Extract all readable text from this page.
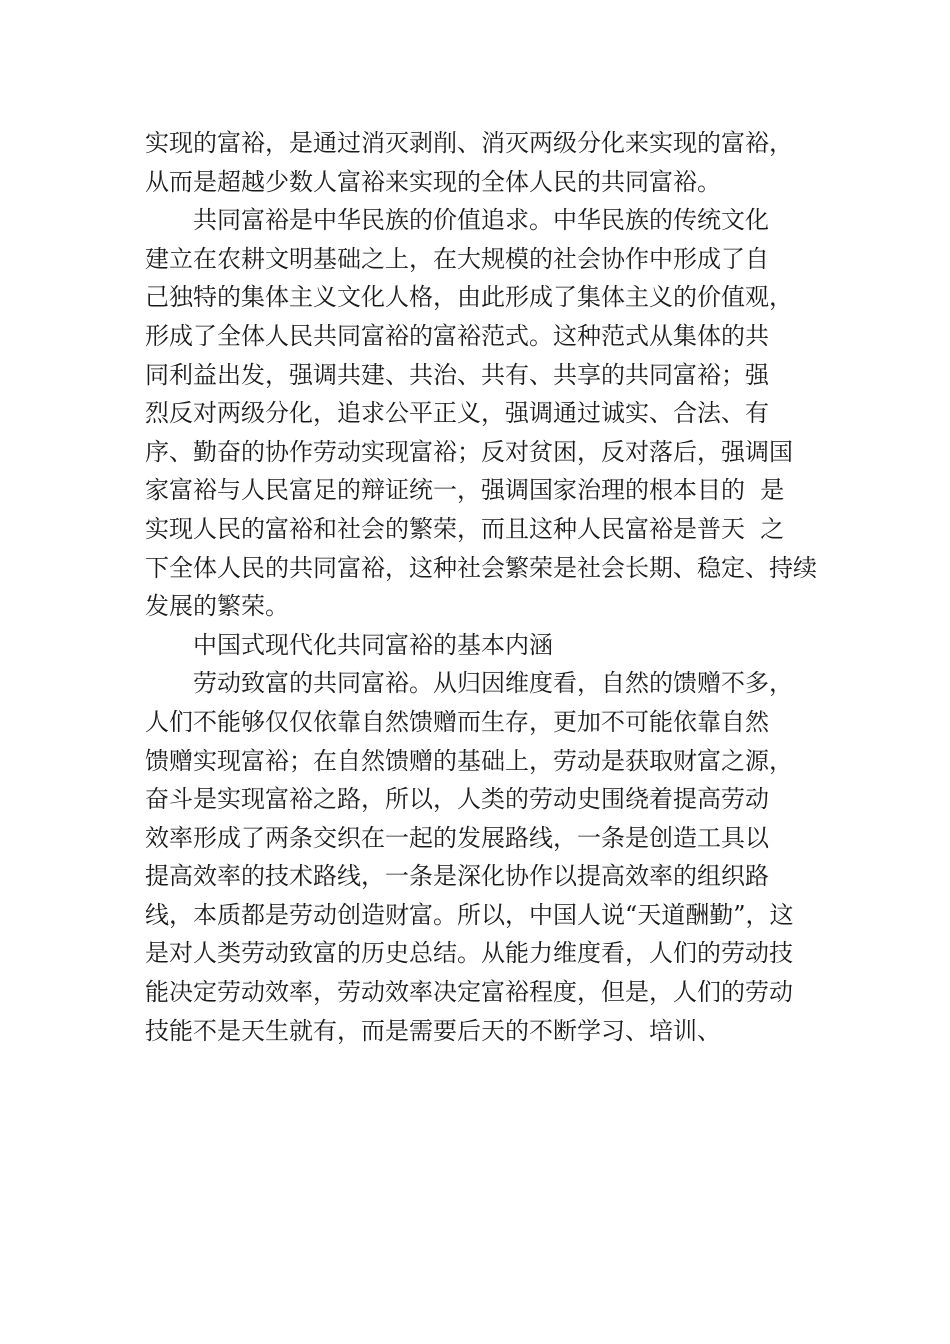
实现的富裕，是通过消灭剥削、消灭两级分化来实现的富裕，
从而是超越少数人富裕来实现的全体人民的共同富裕。
共同富裕是中华民族的价值追求。中华民族的传统文化
建立在农耕文明基础之上，在大规模的社会协作中形成了自
己独特的集体主义文化人格，由此形成了集体主义的价值观，
形成了全体人民共同富裕的富裕范式。这种范式从集体的共
同利益出发，强调共建、共治、共有、共享的共同富裕；强
烈反对两级分化，追求公平正义，强调通过诚实、合法、有
序、勤奋的协作劳动实现富裕；反对贫困，反对落后，强调国
家富裕与人民富足的辩证统一，强调国家治理的根本目的  是
实现人民的富裕和社会的繁荣，而且这种人民富裕是普天  之
下全体人民的共同富裕，这种社会繁荣是社会长期、稳定、持续
发展的繁荣。
中国式现代化共同富裕的基本内涵
劳动致富的共同富裕。从归因维度看，自然的馈赠不多，
人们不能够仅仅依靠自然馈赠而生存，更加不可能依靠自然
馈赠实现富裕；在自然馈赠的基础上，劳动是获取财富之源，
奋斗是实现富裕之路，所以，人类的劳动史围绕着提高劳动
效率形成了两条交织在一起的发展路线，一条是创造工具以
提高效率的技术路线，一条是深化协作以提高效率的组织路
线，本质都是劳动创造财富。所以，中国人说“天道酬勤”，这
是对人类劳动致富的历史总结。从能力维度看，人们的劳动技
能决定劳动效率，劳动效率决定富裕程度，但是，人们的劳动
技能不是天生就有，而是需要后天的不断学习、培训、
